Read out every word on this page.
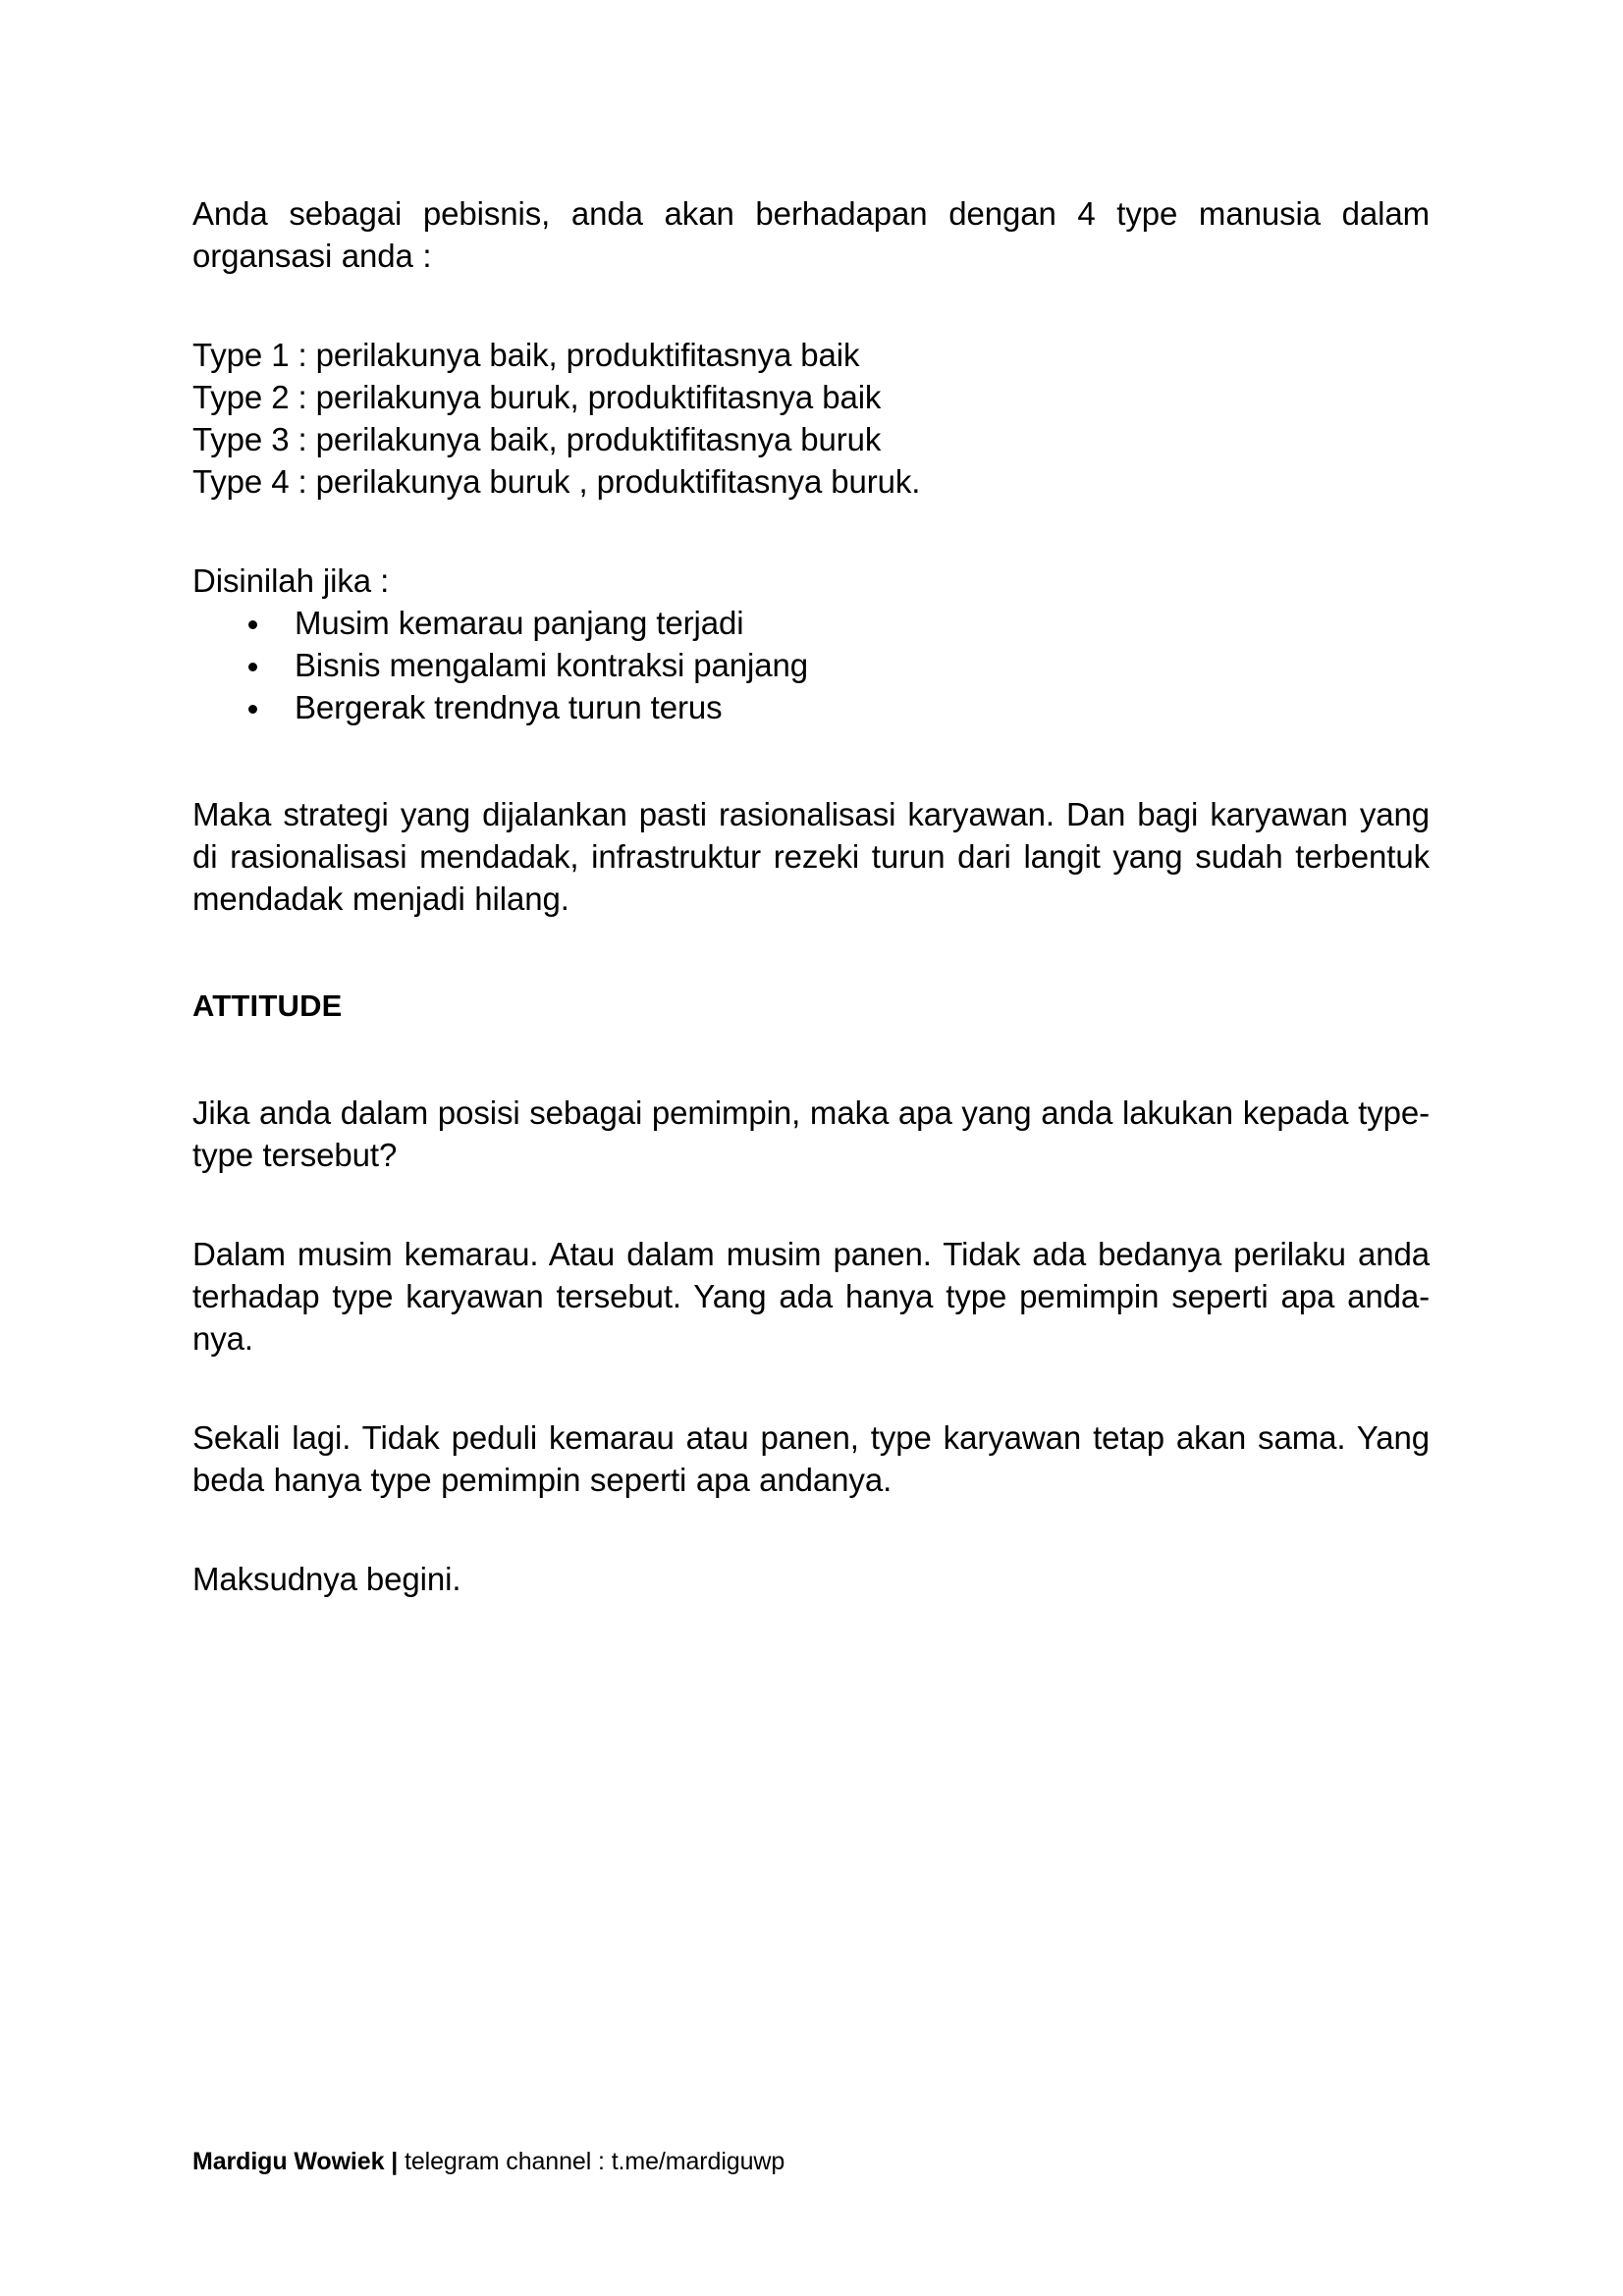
Anda sebagai pebisnis, anda akan berhadapan dengan 4 type manusia dalam organsasi anda :

Type 1 : perilakunya baik, produktifitasnya baik

Type 2 : perilakunya buruk, produktifitasnya baik

Type 3 : perilakunya baik, produktifitasnya buruk

Type 4 : perilakunya buruk , produktifitasnya buruk.

Disinilah jika :

Musim kemarau panjang terjadi
Bisnis mengalami kontraksi panjang
Bergerak trendnya turun terus

Maka strategi yang dijalankan pasti rasionalisasi karyawan. Dan bagi karyawan yang di rasionalisasi mendadak, infrastruktur rezeki turun dari langit yang sudah terbentuk mendadak menjadi hilang.

ATTITUDE

Jika anda dalam posisi sebagai pemimpin, maka apa yang anda lakukan kepada type-type tersebut?

Dalam musim kemarau. Atau dalam musim panen. Tidak ada bedanya perilaku anda terhadap type karyawan tersebut. Yang ada hanya type pemimpin seperti apa anda-nya.

Sekali lagi. Tidak peduli kemarau atau panen, type karyawan tetap akan sama. Yang beda hanya type pemimpin seperti apa andanya.

Maksudnya begini.

Mardigu Wowiek | telegram channel : t.me/mardiguwp
